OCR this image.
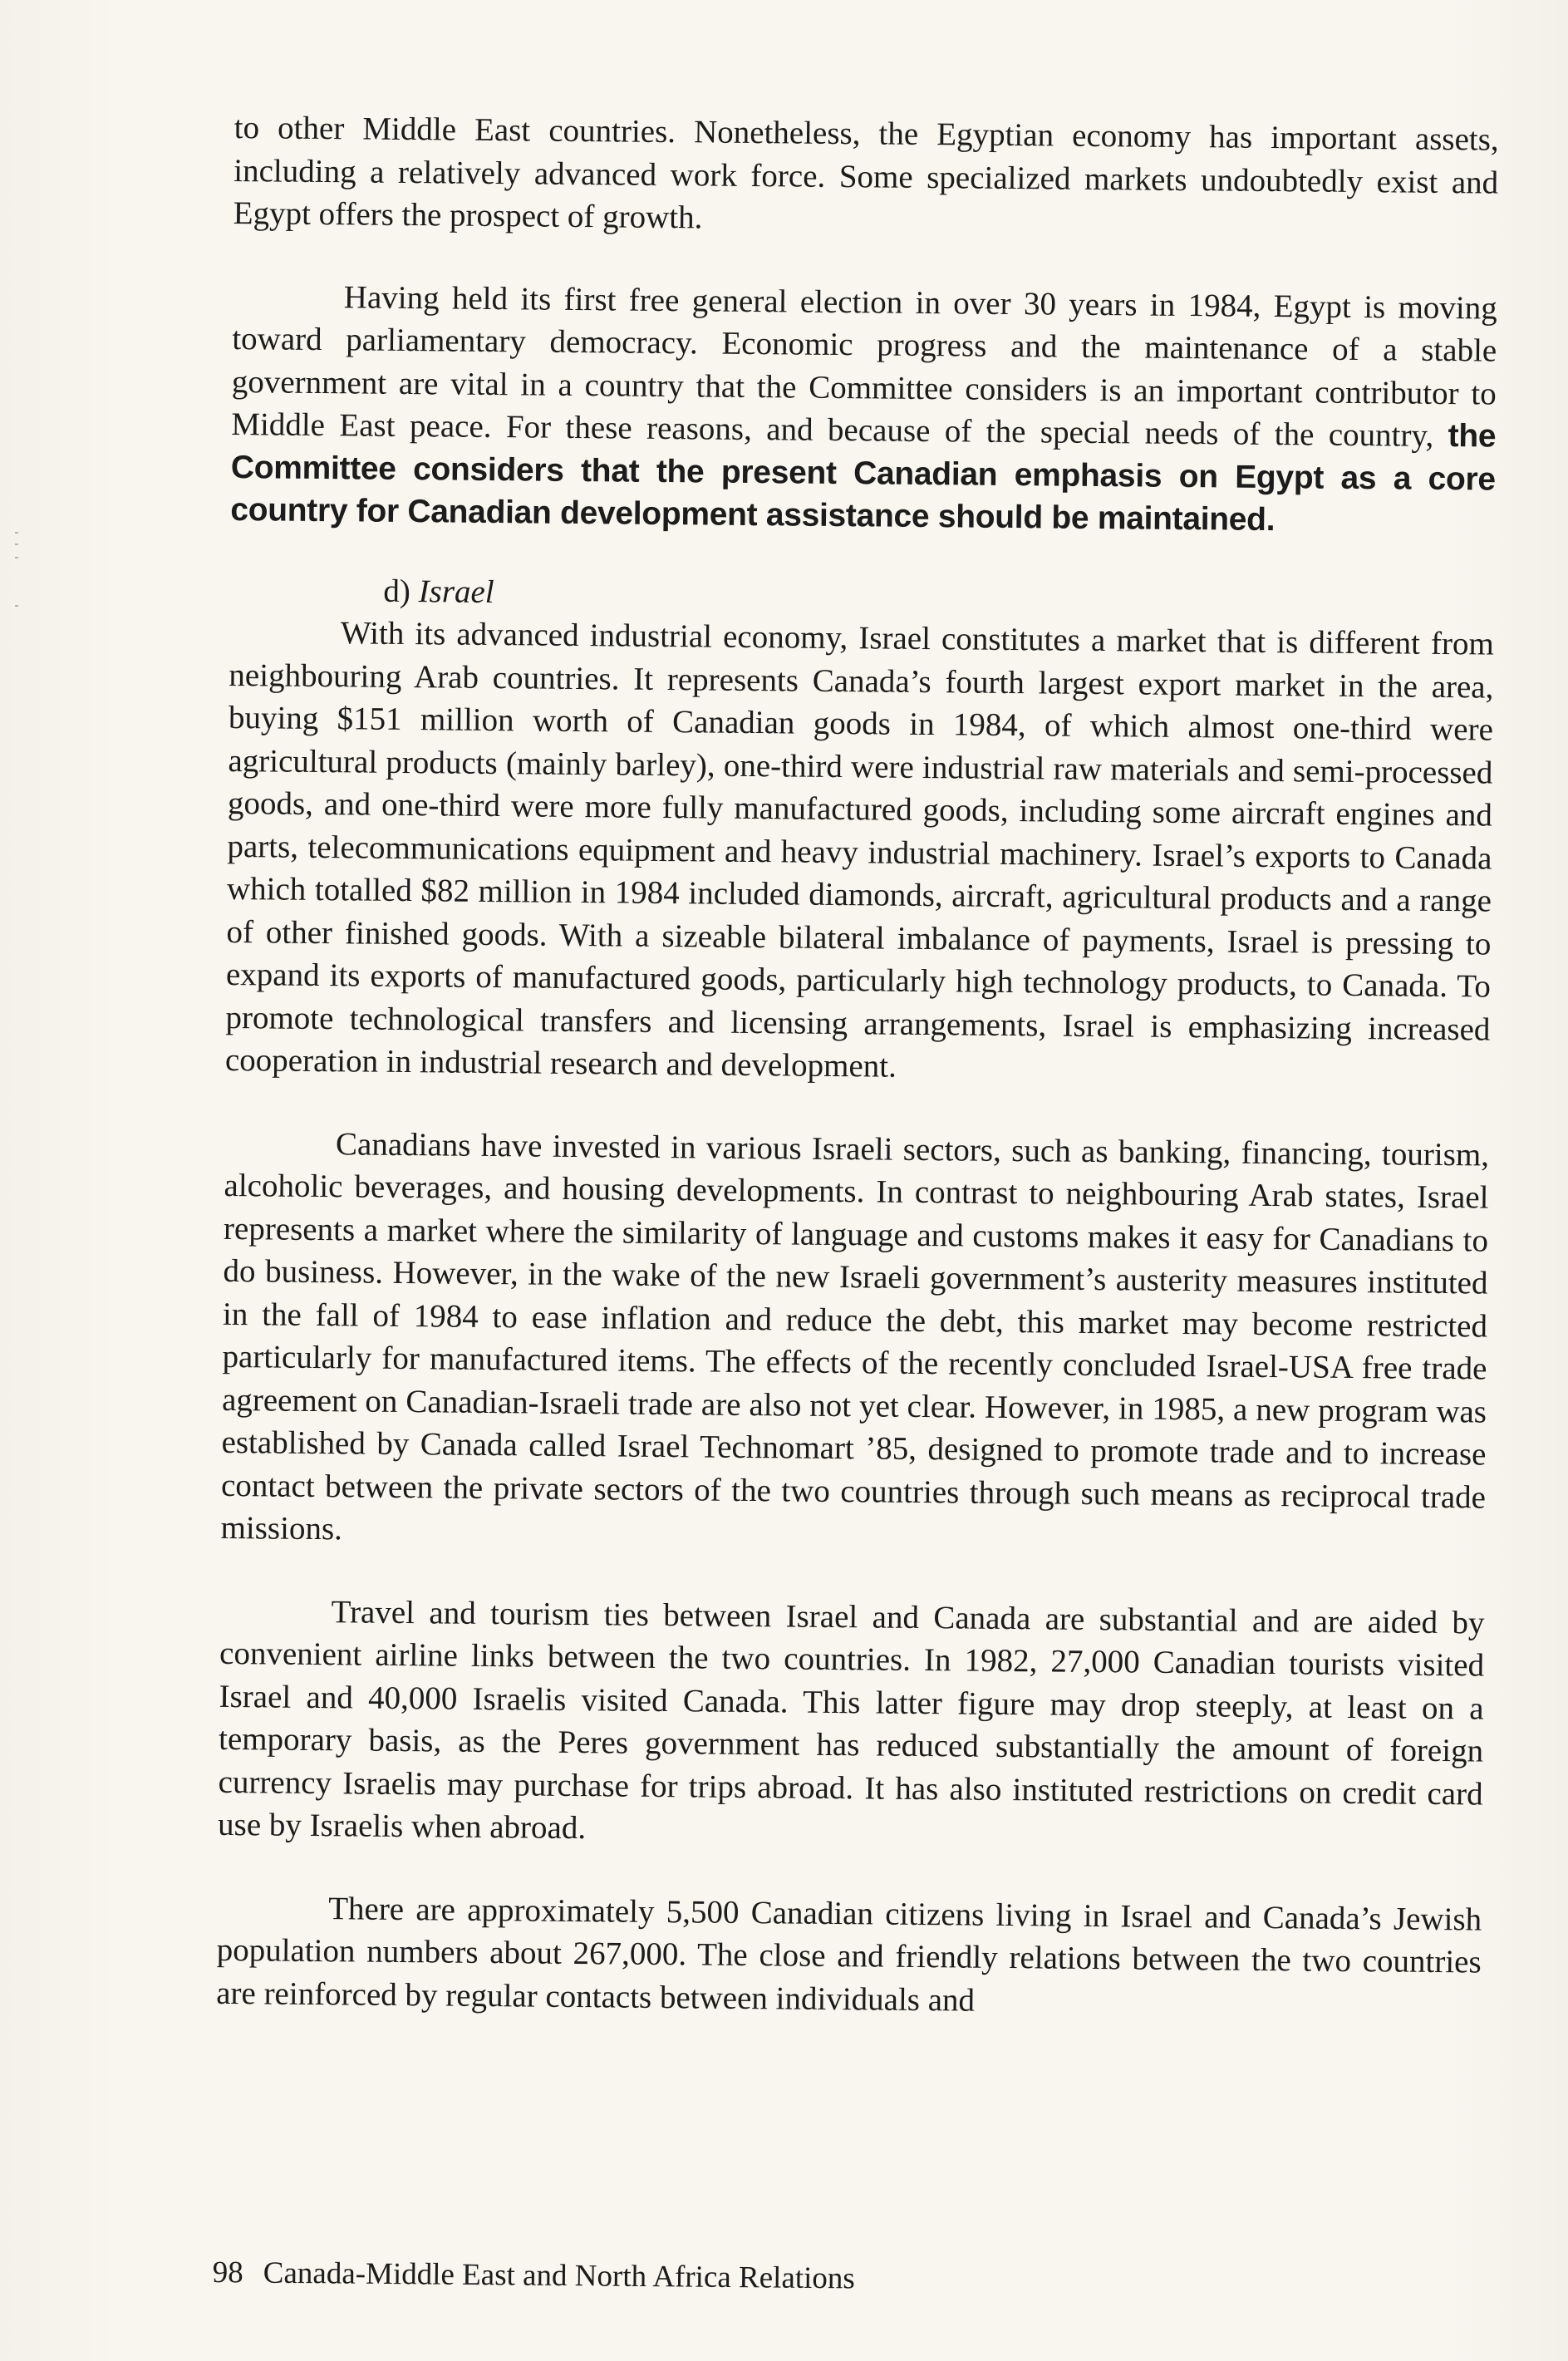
to other Middle East countries. Nonetheless, the Egyptian economy has important assets, including a relatively advanced work force. Some specialized markets undoubtedly exist and Egypt offers the prospect of growth.

Having held its first free general election in over 30 years in 1984, Egypt is moving toward parliamentary democracy. Economic progress and the maintenance of a stable government are vital in a country that the Committee considers is an important contributor to Middle East peace. For these reasons, and because of the special needs of the country, the Committee considers that the present Canadian emphasis on Egypt as a core country for Canadian development assistance should be maintained.

d) Israel

With its advanced industrial economy, Israel constitutes a market that is different from neighbouring Arab countries. It represents Canada’s fourth largest export market in the area, buying $151 million worth of Canadian goods in 1984, of which almost one-third were agricultural products (mainly barley), one-third were industrial raw materials and semi-processed goods, and one-third were more fully manufactured goods, including some aircraft engines and parts, telecommunications equipment and heavy industrial machinery. Israel’s exports to Canada which totalled $82 million in 1984 included diamonds, aircraft, agricultural products and a range of other finished goods. With a sizeable bilateral imbalance of payments, Israel is pressing to expand its exports of manufactured goods, particularly high technology products, to Canada. To promote technological transfers and licensing arrangements, Israel is emphasizing increased cooperation in industrial research and development.

Canadians have invested in various Israeli sectors, such as banking, financing, tourism, alcoholic beverages, and housing developments. In contrast to neighbouring Arab states, Israel represents a market where the similarity of language and customs makes it easy for Canadians to do business. However, in the wake of the new Israeli government’s austerity measures instituted in the fall of 1984 to ease inflation and reduce the debt, this market may become restricted particularly for manufactured items. The effects of the recently concluded Israel-USA free trade agreement on Canadian-Israeli trade are also not yet clear. However, in 1985, a new program was established by Canada called Israel Technomart ’85, designed to promote trade and to increase contact between the private sectors of the two countries through such means as reciprocal trade missions.

Travel and tourism ties between Israel and Canada are substantial and are aided by convenient airline links between the two countries. In 1982, 27,000 Canadian tourists visited Israel and 40,000 Israelis visited Canada. This latter figure may drop steeply, at least on a temporary basis, as the Peres government has reduced substantially the amount of foreign currency Israelis may purchase for trips abroad. It has also instituted restrictions on credit card use by Israelis when abroad.

There are approximately 5,500 Canadian citizens living in Israel and Canada’s Jewish population numbers about 267,000. The close and friendly relations between the two countries are reinforced by regular contacts between individuals and

98 Canada-Middle East and North Africa Relations
